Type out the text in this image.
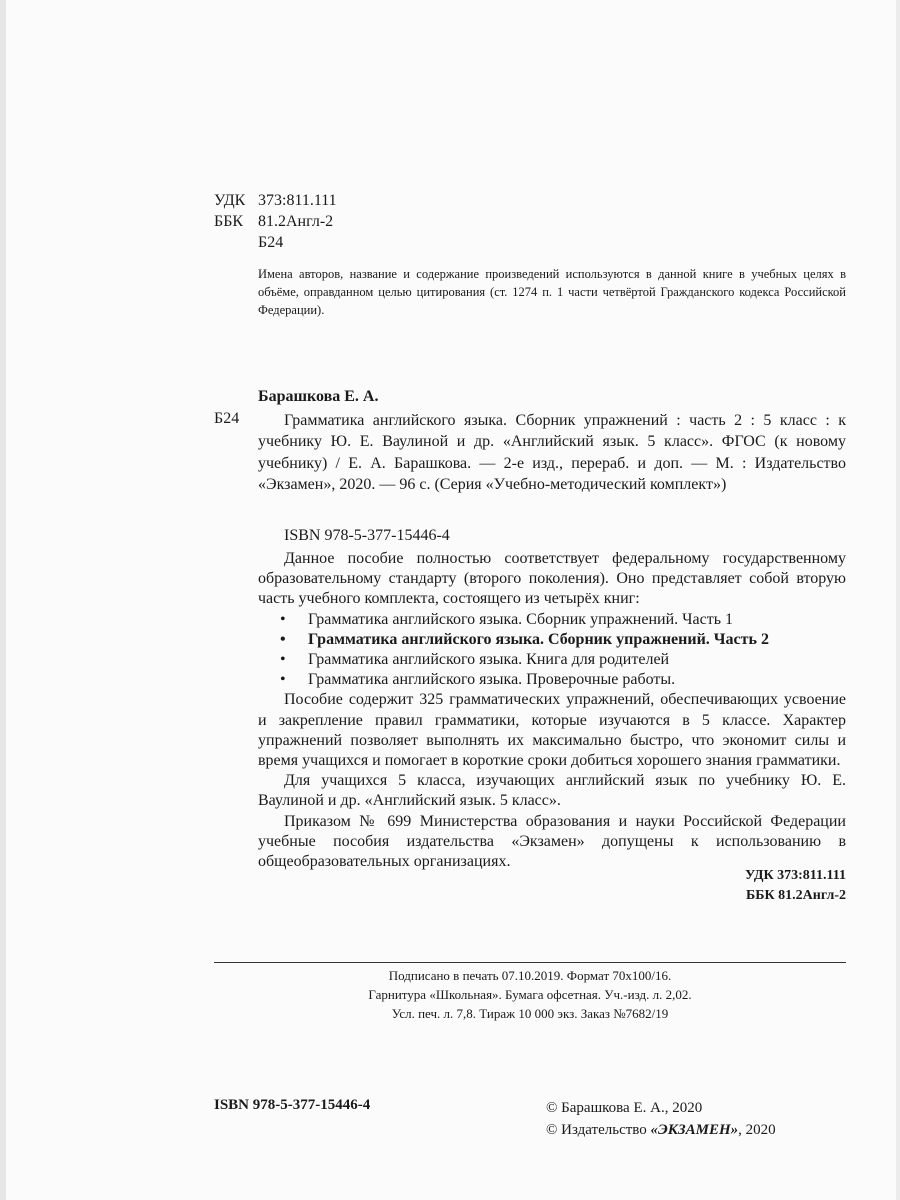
УДК 373:811.111
ББК 81.2Англ-2
Б24

Имена авторов, название и содержание произведений используются в данной книге в учебных целях в объёме, оправданном целью цитирования (ст. 1274 п. 1 части четвёртой Гражданского кодекса Российской Федерации).

Барашкова Е. А.
Б24	Грамматика английского языка. Сборник упражнений : часть 2 : 5 класс : к учебнику Ю. Е. Ваулиной и др. «Английский язык. 5 класс». ФГОС (к новому учебнику) / Е. А. Барашкова. — 2-е изд., перераб. и доп. — М. : Издательство «Экзамен», 2020. — 96 с. (Серия «Учебно-методический комплект»)

ISBN 978-5-377-15446-4

Данное пособие полностью соответствует федеральному государственному образовательному стандарту (второго поколения). Оно представляет собой вторую часть учебного комплекта, состоящего из четырёх книг:

• Грамматика английского языка. Сборник упражнений. Часть 1
• Грамматика английского языка. Сборник упражнений. Часть 2
• Грамматика английского языка. Книга для родителей
• Грамматика английского языка. Проверочные работы.

Пособие содержит 325 грамматических упражнений, обеспечивающих усвоение и закрепление правил грамматики, которые изучаются в 5 классе. Характер упражнений позволяет выполнять их максимально быстро, что экономит силы и время учащихся и помогает в короткие сроки добиться хорошего знания грамматики.

Для учащихся 5 класса, изучающих английский язык по учебнику Ю. Е. Ваулиной и др. «Английский язык. 5 класс».

Приказом № 699 Министерства образования и науки Российской Федерации учебные пособия издательства «Экзамен» допущены к использованию в общеобразовательных организациях.

УДК 373:811.111
ББК 81.2Англ-2
Подписано в печать 07.10.2019. Формат 70х100/16.
Гарнитура «Школьная». Бумага офсетная. Уч.-изд. л. 2,02.
Усл. печ. л. 7,8. Тираж 10 000 экз. Заказ №7682/19
ISBN 978-5-377-15446-4	© Барашкова Е. А., 2020
© Издательство «ЭКЗАМЕН», 2020
